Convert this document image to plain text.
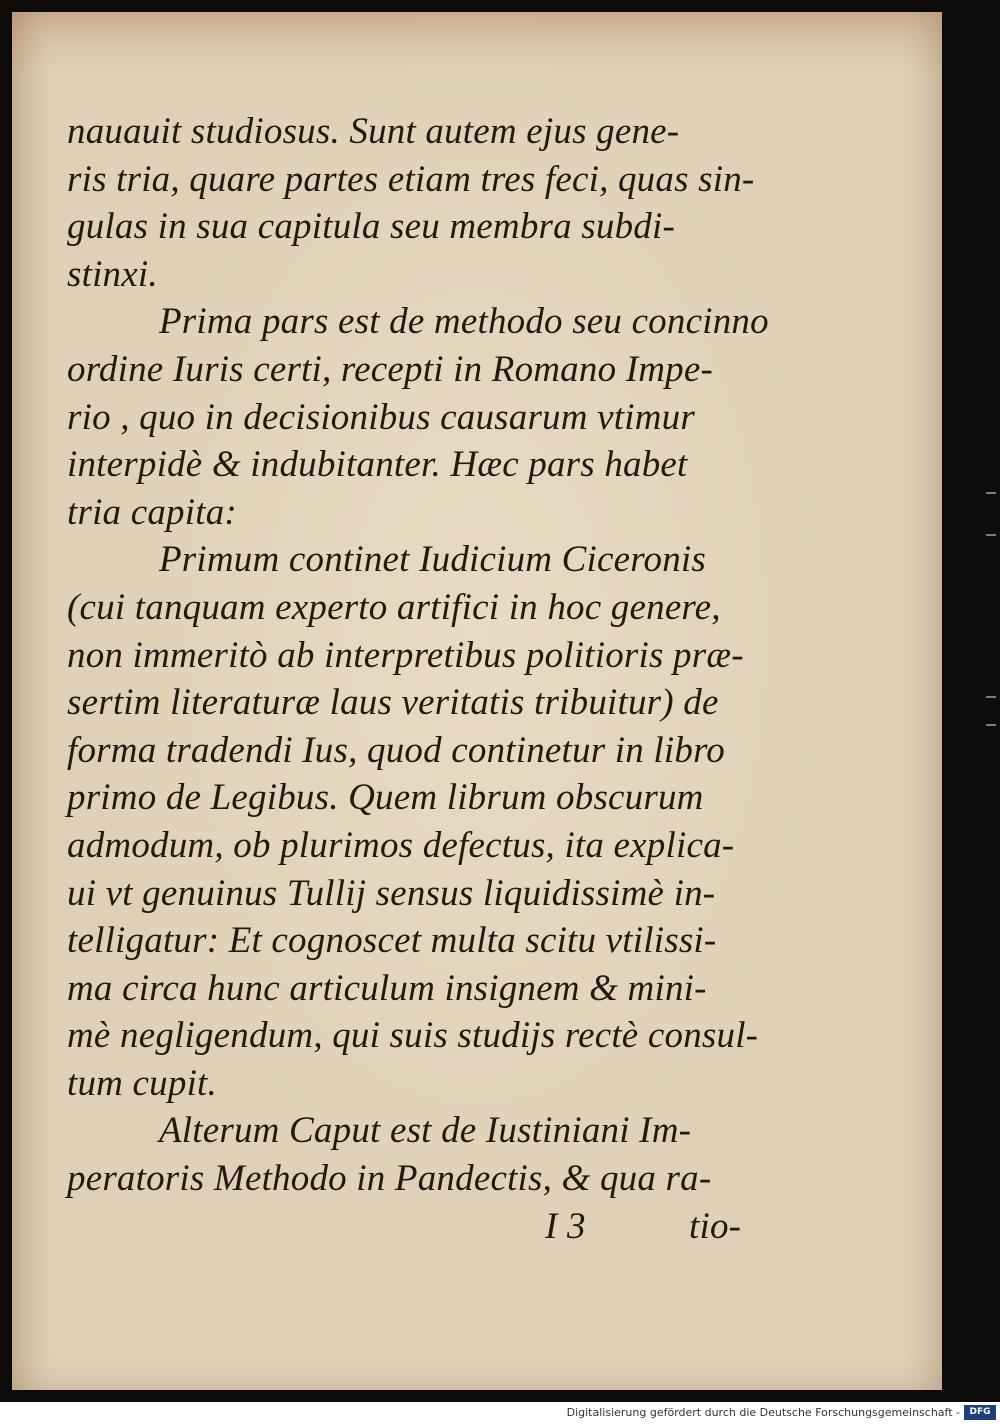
nauauit studiosus. Sunt autem ejus gene-
ris tria, quare partes etiam tres feci, quas sin-
gulas in sua capitula seu membra subdi-
stinxi.
Prima pars est de methodo seu concinno
ordine Iuris certi, recepti in Romano Impe-
rio , quo in decisionibus causarum vtimur
interpidè & indubitanter. Hæc pars habet
tria capita:
Primum continet Iudicium Ciceronis
(cui tanquam experto artifici in hoc genere,
non immeritò ab interpretibus politioris præ-
sertim literaturæ laus veritatis tribuitur) de
forma tradendi Ius, quod continetur in libro
primo de Legibus. Quem librum obscurum
admodum, ob plurimos defectus, ita explica-
ui vt genuinus Tullij sensus liquidissimè in-
telligatur: Et cognoscet multa scitu vtilissi-
ma circa hunc articulum insignem & mini-
mè negligendum, qui suis studijs rectè consul-
tum cupit.
Alterum Caput est de Iustiniani Im-
peratoris Methodo in Pandectis, & qua ra-
I 3	tio-
Digitalisierung gefördert durch die Deutsche Forschungsgemeinschaft -	DFG
